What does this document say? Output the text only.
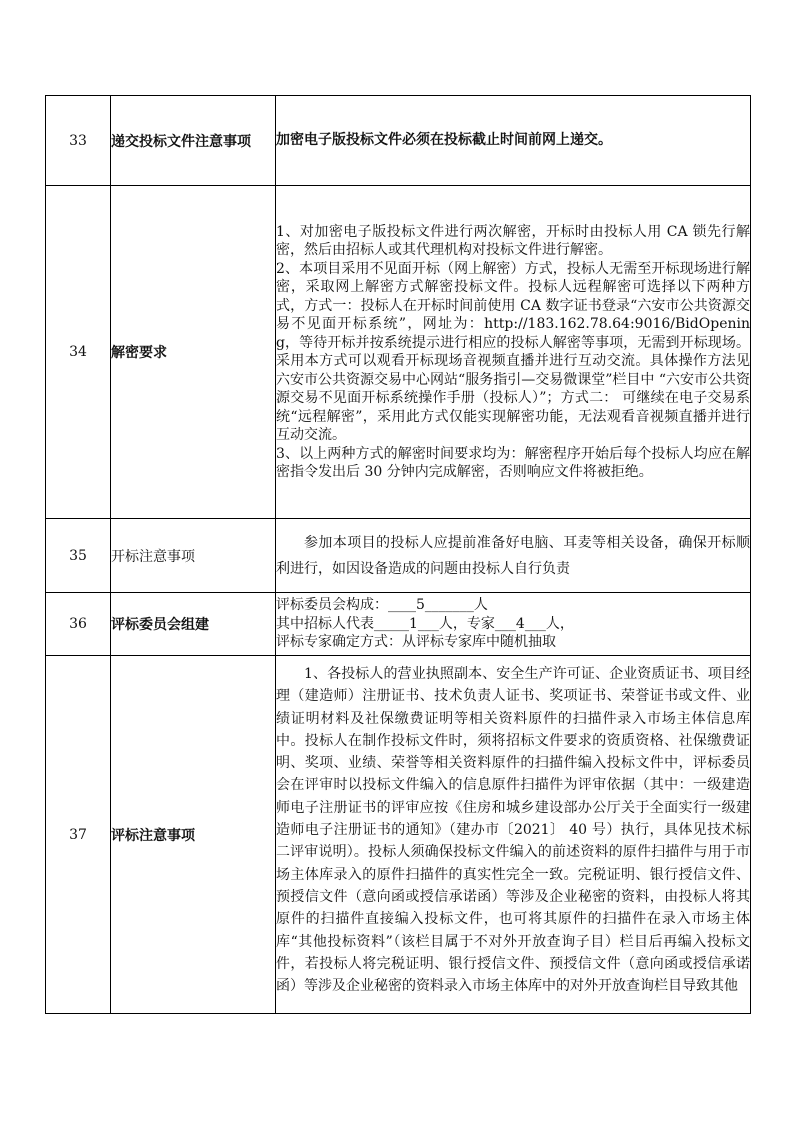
33	递交投标文件注意事项	加密电子版投标文件必须在投标截止时间前网上递交。

34	解密要求	1、对加密电子版投标文件进行两次解密，开标时由投标人用 CA 锁先行解密，然后由招标人或其代理机构对投标文件进行解密。

2、本项目采用不见面开标（网上解密）方式，投标人无需至开标现场进行解密，采取网上解密方式解密投标文件。投标人远程解密可选择以下两种方式，方式一：投标人在开标时间前使用 CA 数字证书登录“六安市公共资源交易不见面开标系统”，网址为：http://183.162.78.64:9016/BidOpening，等待开标并按系统提示进行相应的投标人解密等事项，无需到开标现场。采用本方式可以观看开标现场音视频直播并进行互动交流。具体操作方法见六安市公共资源交易中心网站“服务指引—交易微课堂”栏目中 “六安市公共资源交易不见面开标系统操作手册（投标人）”；方式二： 可继续在电子交易系统“远程解密”，采用此方式仅能实现解密功能，无法观看音视频直播并进行互动交流。

3、以上两种方式的解密时间要求均为：解密程序开始后每个投标人均应在解密指令发出后 30 分钟内完成解密，否则响应文件将被拒绝。

35	开标注意事项	参加本项目的投标人应提前准备好电脑、耳麦等相关设备，确保开标顺利进行，如因设备造成的问题由投标人自行负责

36	评标委员会组建	评标委员会构成：____5_______人

其中招标人代表_____1___人，专家___4___人，

评标专家确定方式：从评标专家库中随机抽取

37	评标注意事项	1、各投标人的营业执照副本、安全生产许可证、企业资质证书、项目经理（建造师）注册证书、技术负责人证书、奖项证书、荣誉证书或文件、业绩证明材料及社保缴费证明等相关资料原件的扫描件录入市场主体信息库中。投标人在制作投标文件时，须将招标文件要求的资质资格、社保缴费证明、奖项、业绩、荣誉等相关资料原件的扫描件编入投标文件中，评标委员会在评审时以投标文件编入的信息原件扫描件为评审依据（其中：一级建造师电子注册证书的评审应按《住房和城乡建设部办公厅关于全面实行一级建造师电子注册证书的通知》（建办市〔2021〕 40 号）执行，具体见技术标二评审说明）。投标人须确保投标文件编入的前述资料的原件扫描件与用于市场主体库录入的原件扫描件的真实性完全一致。完税证明、银行授信文件、预授信文件（意向函或授信承诺函）等涉及企业秘密的资料，由投标人将其原件的扫描件直接编入投标文件，也可将其原件的扫描件在录入市场主体库“其他投标资料”（该栏目属于不对外开放查询子目）栏目后再编入投标文件，若投标人将完税证明、银行授信文件、预授信文件（意向函或授信承诺函）等涉及企业秘密的资料录入市场主体库中的对外开放查询栏目导致其他
